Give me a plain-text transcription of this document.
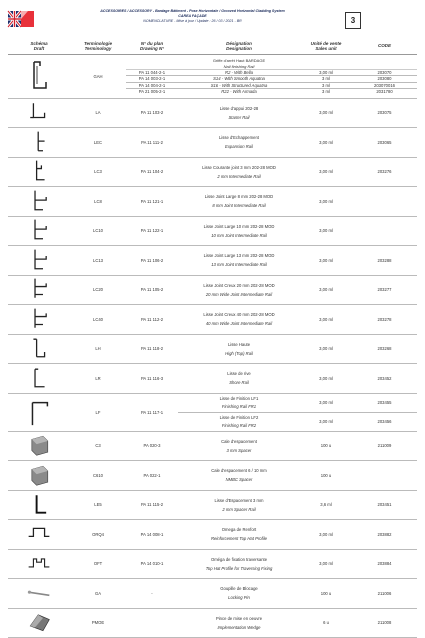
ACCESSOIRES / ACCESSORY - Bardage Bâtiment - Pose Horizontale / Grooved Horizontal Cladding System
CAREA FAÇADE
NOMENCLATURE - Mise à jour / Update : 26 / 03 / 2021 - BR	3
Schéma
Draft
	Terminologie
Terminology
	N° du plan
Drawing N°
	Désignation
Designation
	Unité de vente
Sales unit	CODE

	GAH	
Griffe d'arrêt Haut BARDAGE
Nail finishing Rail
PA 11 044-2-1	R2 - With Bella	3,00 ml	203070
PA 14 003-2-1	S14 - With Smooth Aquatna	3 ml	203080
PA 14 004-2-1	S16 - With Structured Aquatna	3 ml	203070016
PA 21 005-2-1	R22 - With Armada	3 ml	2031780

	LA	PA 11 103-2	
Lisse d'appui 202-28
Starter Rail
	3,00 ml	203075

	LEC	PA 11 111-2	
Lisse d'Echappement
Expansion Rail
	3,00 ml	203065

	LC3	PA 11 104-2	
Lisse Courante joint 3 mm 202-28 MOD
2 mm Intermediate Rail
	3,00 ml	203276

	LC8	PA 11 121-1	
Lisse Joint Large 8 mm 202-28 MOD
8 mm Joint Intermediate Rail
	3,00 ml	

	LC10	PA 11 122-1	
Lisse Joint Large 10 mm 202-28 MOD
10 mm Joint Intermediate Rail
	3,00 ml	

	LC13	PA 11 106-2	
Lisse Joint Large 13 mm 202-28 MOD
13 mm Joint Intermediate Rail
	3,00 ml	203288

	LC20	PA 11 105-2	
Lisse Joint Creux 20 mm 202-28 MOD
20 mm Wide Joint Intermediate Rail
	3,00 ml	203277

	LC40	PA 11 112-2	
Lisse Joint Creux 40 mm 202-28 MOD
40 mm Wide Joint Intermediate Rail
	3,00 ml	203278

	LH	PA 11 118-2	
Lisse Haute
High (Top) Rail
	3,00 ml	203268

	LR	PA 11 116-3	
Lisse de rive
Shore Rail
	3,00 ml	203452

	LF	PA 11 117-1	
Lisse de Finition LF1
Finishing Rail FR1
	3,00 ml	203455

Lisse de Finition LF2
Finishing Rail FR2
	3,00 ml	203456

	C3	PA 020-3	
Cale d'espacement
3 mm Spacer
	100 u	211009

	C610	PA 022-1	
Cale d'espacement 6 / 10 mm
NMBC Spacer
	100 u	

	LE5	PA 11 115-2	
Lisse d'Espacement 3 mm
2 mm Spacer Rail
	3,6 ml	203451

	ORQ4	PA 14 008-1	
Omega de Renfort
Reinforcement Top Hat Profile
	3,00 ml	203882

	OFT	PA 14 010-1	
Oméga de fixation traversante
Top Hat Profile for Traversing Fixing
	3,00 ml	203884

	GA	-	
Goupille de Blocage
Locking Pin
	100 u	211006

	PMOE		
Pince de mise en oeuvre
Implementation Wedge
	6 u	211008
